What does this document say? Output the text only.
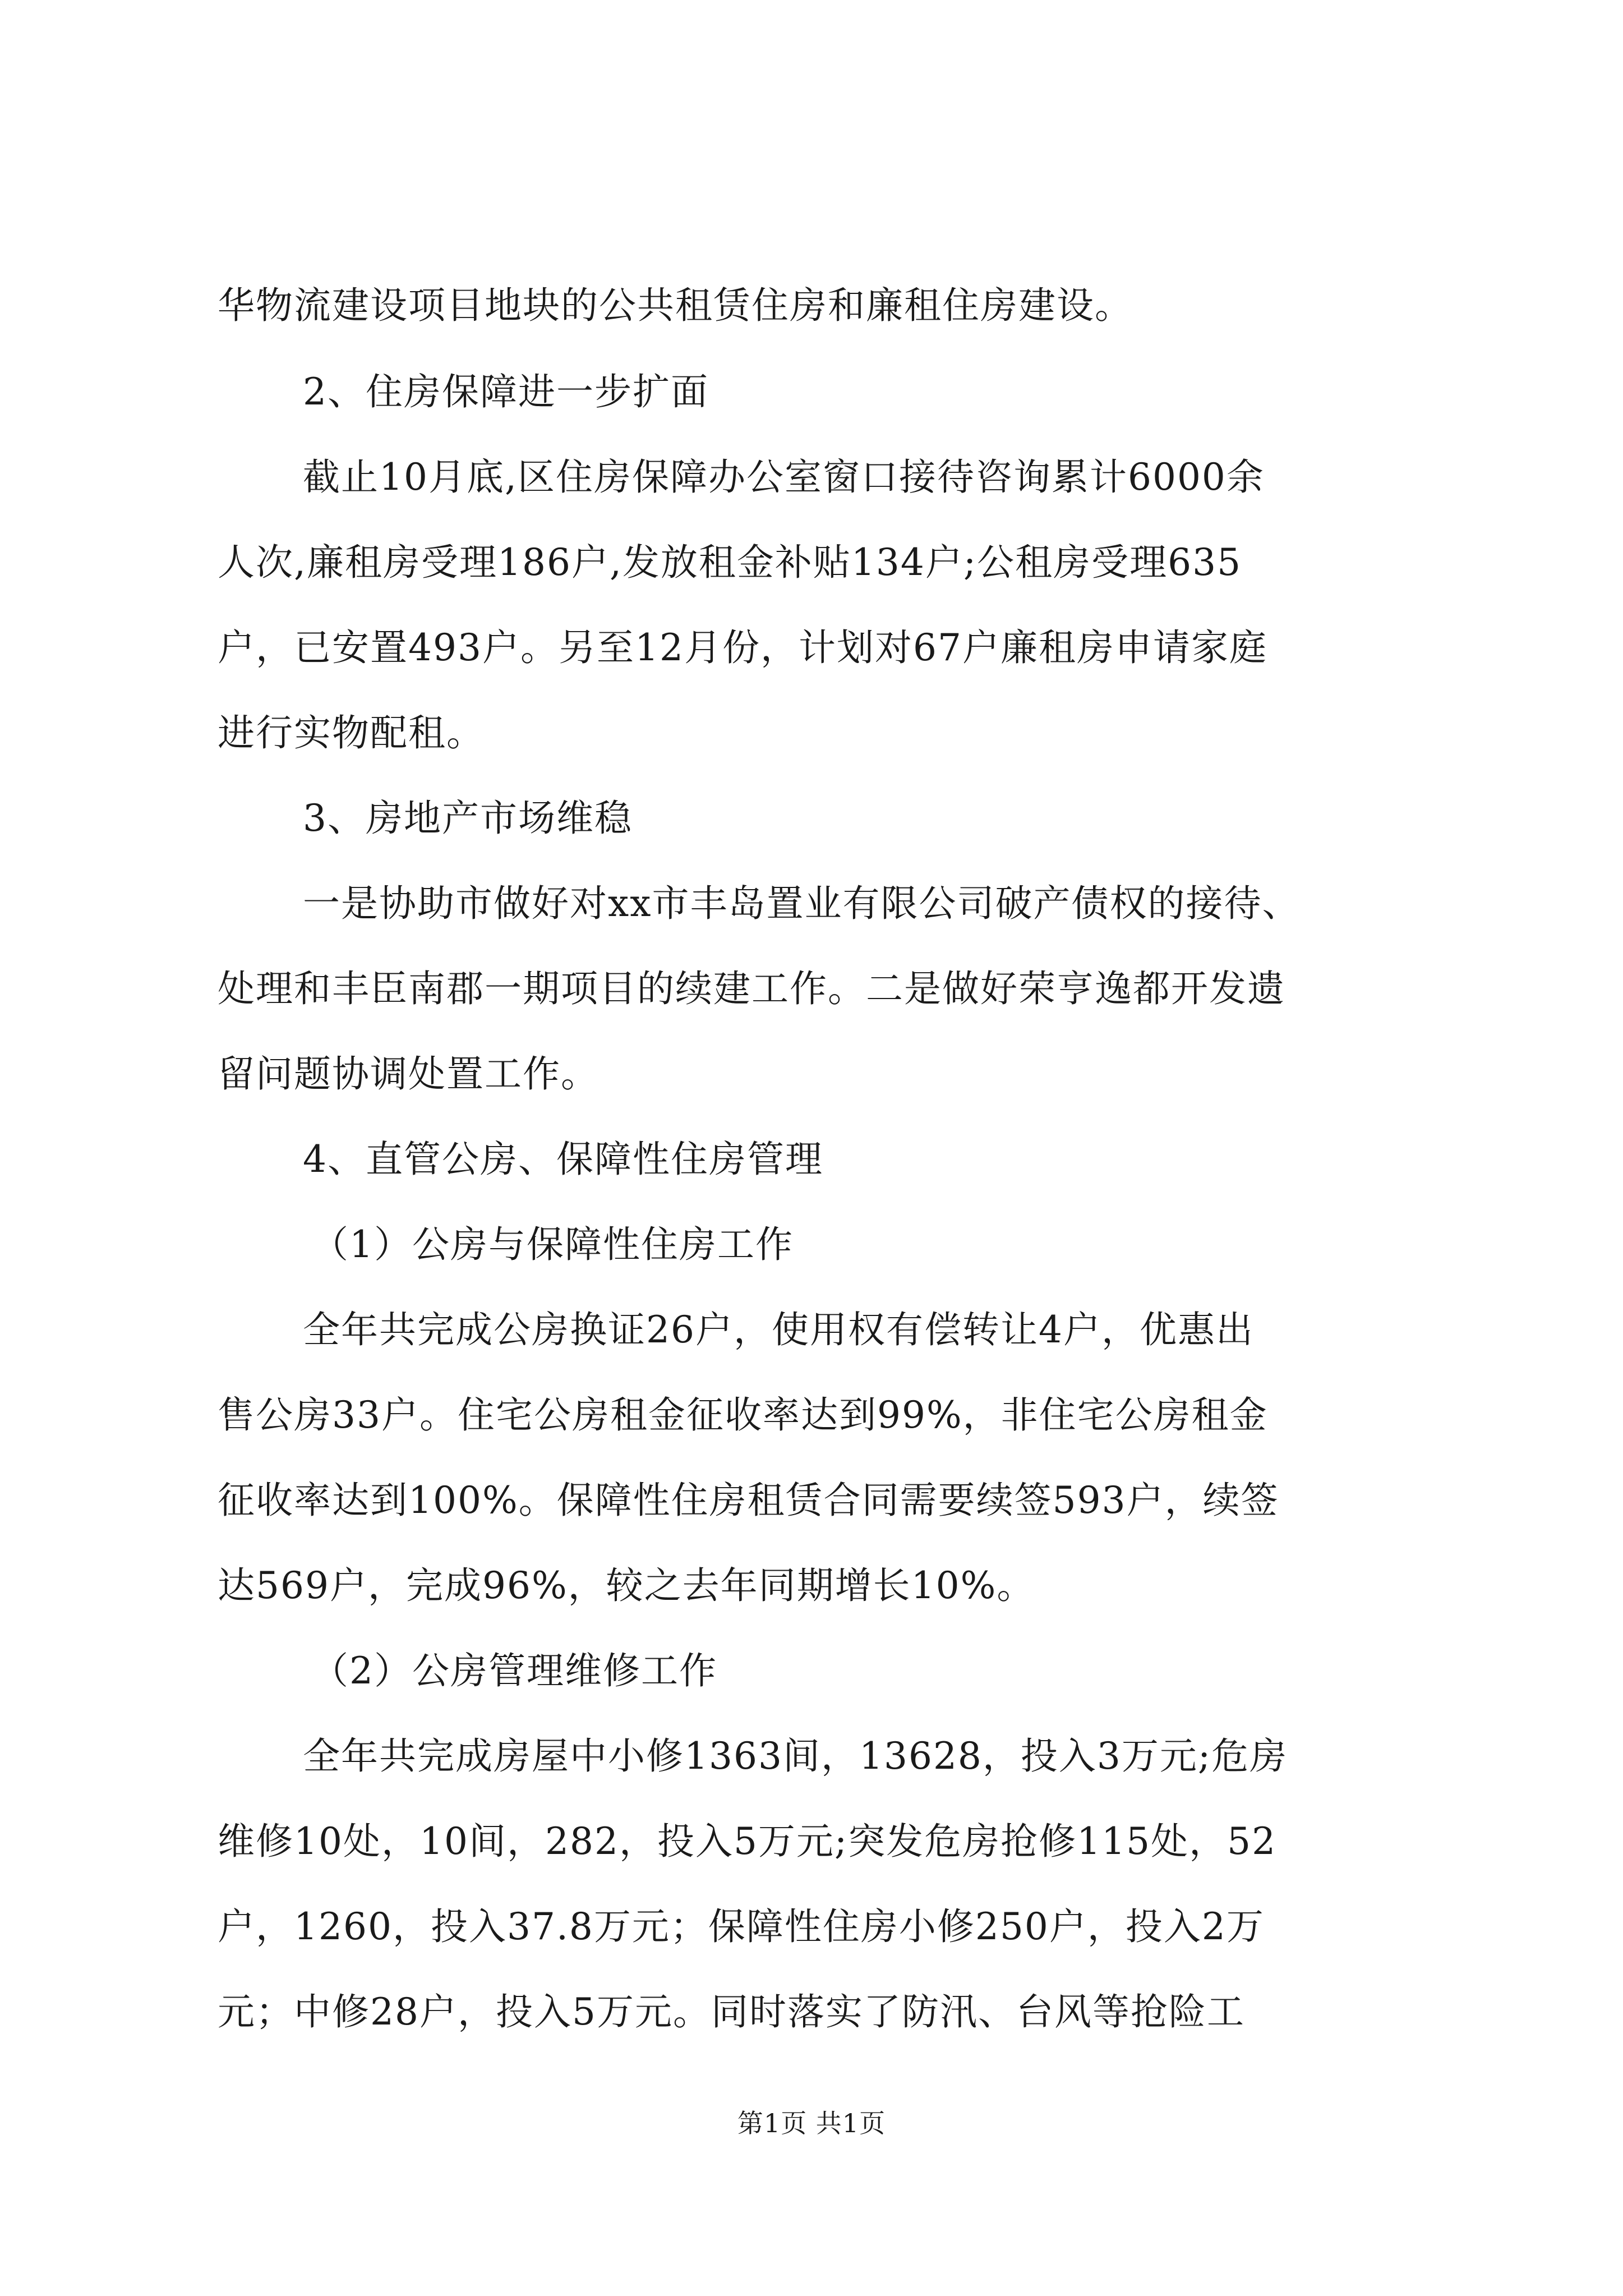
华物流建设项目地块的公共租赁住房和廉租住房建设。
2、住房保障进一步扩面
截止10月底,区住房保障办公室窗口接待咨询累计6000余
人次,廉租房受理186户,发放租金补贴134户;公租房受理635
户，已安置493户。另至12月份，计划对67户廉租房申请家庭
进行实物配租。
3、房地产市场维稳
一是协助市做好对xx市丰岛置业有限公司破产债权的接待、
处理和丰臣南郡一期项目的续建工作。二是做好荣亨逸都开发遗
留问题协调处置工作。
4、直管公房、保障性住房管理
（1）公房与保障性住房工作
全年共完成公房换证26户，使用权有偿转让4户，优惠出
售公房33户。住宅公房租金征收率达到99%，非住宅公房租金
征收率达到100%。保障性住房租赁合同需要续签593户，续签
达569户，完成96%，较之去年同期增长10%。
（2）公房管理维修工作
全年共完成房屋中小修1363间，13628，投入3万元;危房
维修10处，10间，282，投入5万元;突发危房抢修115处，52
户，1260，投入37.8万元；保障性住房小修250户，投入2万
元；中修28户，投入5万元。同时落实了防汛、台风等抢险工
第1页 共1页
